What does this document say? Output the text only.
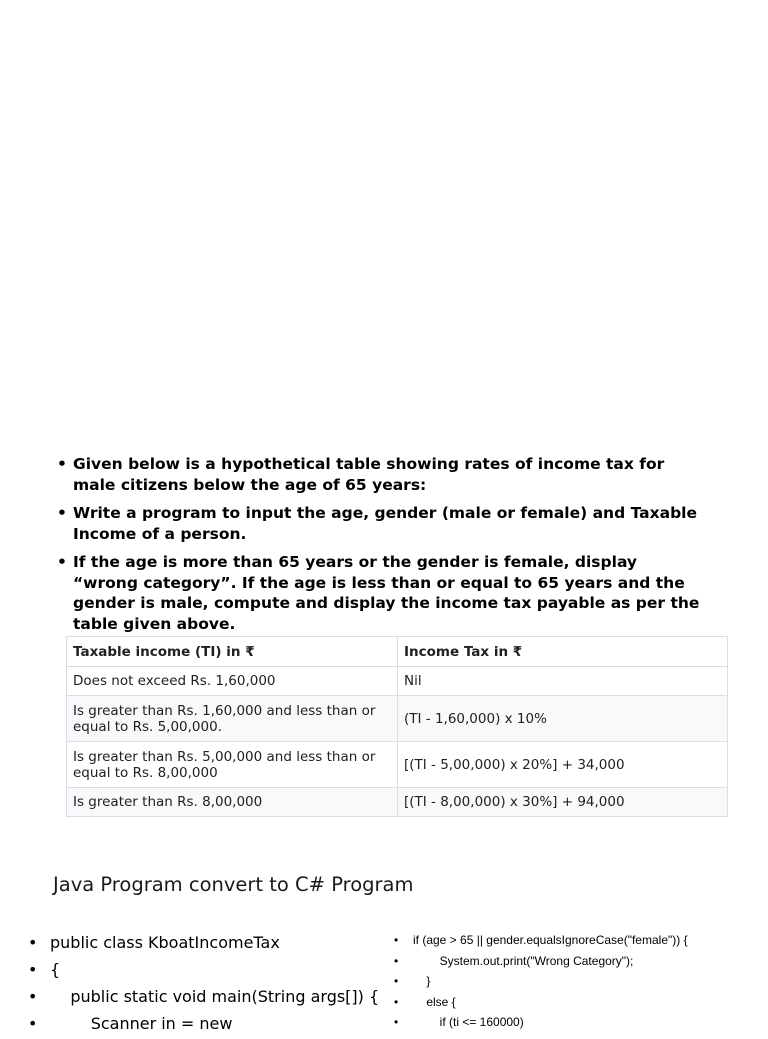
• Given below is a hypothetical table showing rates of income tax for male citizens below the age of 65 years:
• Write a program to input the age, gender (male or female) and Taxable Income of a person.
• If the age is more than 65 years or the gender is female, display “wrong category”. If the age is less than or equal to 65 years and the gender is male, compute and display the income tax payable as per the table given above.
Taxable income (TI) in ₹	Income Tax in ₹
Does not exceed Rs. 1,60,000	Nil
Is greater than Rs. 1,60,000 and less than or equal to Rs. 5,00,000.	(TI - 1,60,000) x 10%
Is greater than Rs. 5,00,000 and less than or equal to Rs. 8,00,000	[(TI - 5,00,000) x 20%] + 34,000
Is greater than Rs. 8,00,000	[(TI - 8,00,000) x 30%] + 94,000
Java Program convert to C# Program
• public class KboatIncomeTax
• {
• public static void main(String args[]) {
• Scanner in = new
• if (age > 65 || gender.equalsIgnoreCase("female")) {
• System.out.print("Wrong Category");
• }
• else {
• if (ti <= 160000)
